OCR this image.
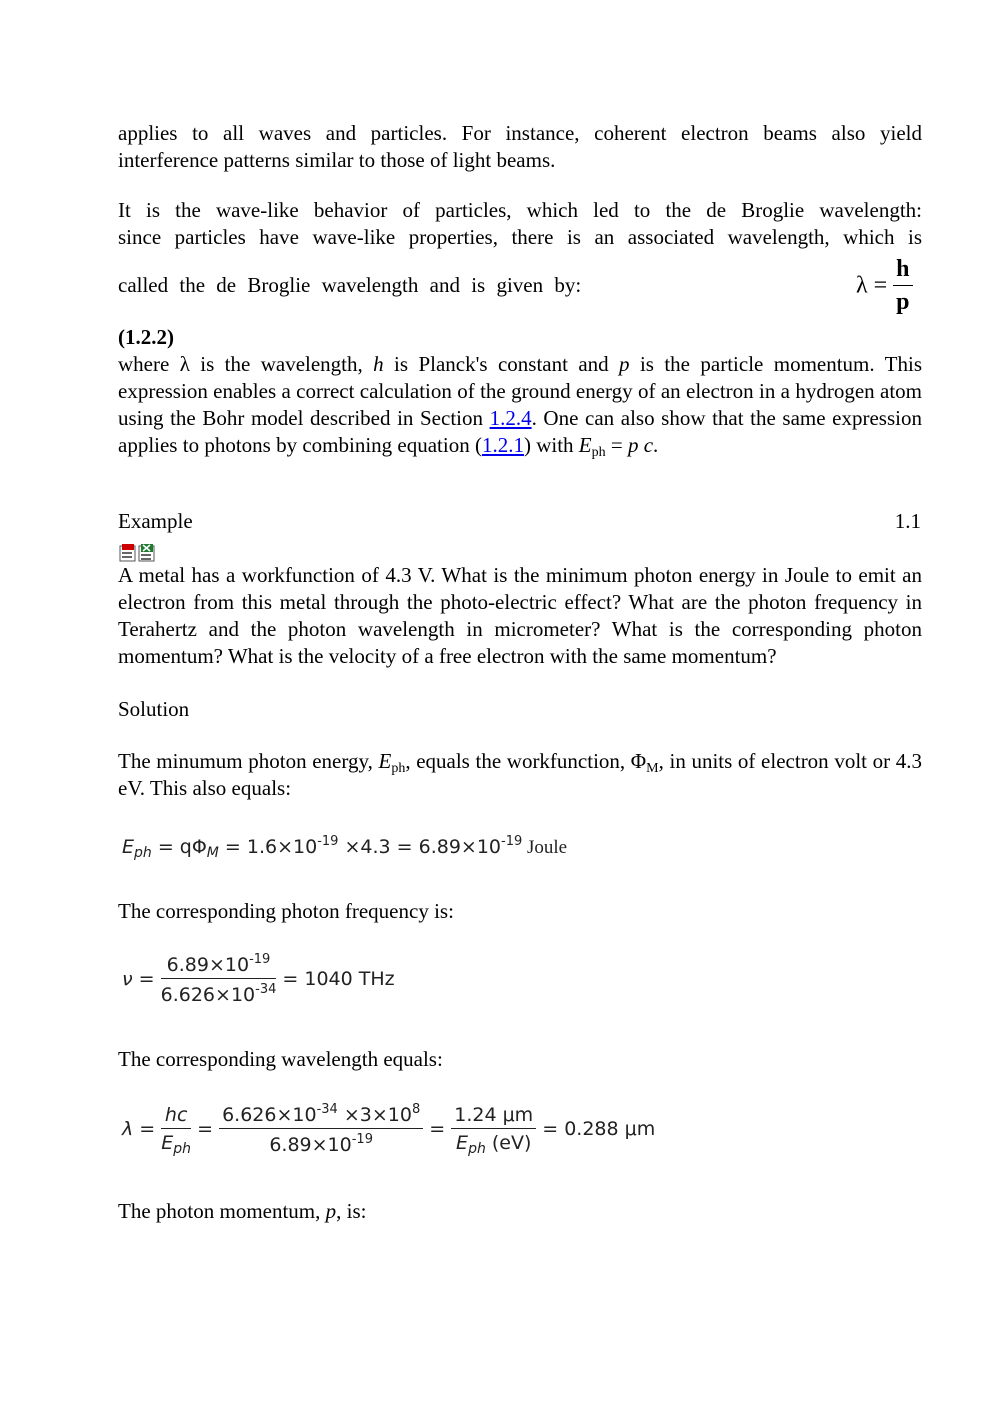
applies to all waves and particles. For instance, coherent electron beams also yield
interference patterns similar to those of light beams.
It is the wave-like behavior of particles, which led to the de Broglie wavelength:
since particles have wave-like properties, there is an associated wavelength, which is
called the de Broglie wavelength and is given by:	$\lambda = \frac{h}{p}$
(1.2.2)

where λ is the wavelength, h is Planck's constant and p is the particle momentum. This expression enables a correct calculation of the ground energy of an electron in a hydrogen atom using the Bohr model described in Section 1.2.4. One can also show that the same expression applies to photons by combining equation (1.2.1) with $E_{ph} = p$ c.

Example	1.1

A metal has a workfunction of 4.3 V. What is the minimum photon energy in Joule to emit an electron from this metal through the photo-electric effect? What are the photon frequency in Terahertz and the photon wavelength in micrometer? What is the corresponding photon momentum? What is the velocity of a free electron with the same momentum?

Solution

The minumum photon energy, $E_{ph}$, equals the workfunction, $\Phi_M$, in units of electron volt or 4.3 eV. This also equals:

$E_{ph} = q\Phi_M = 1.6\times 10^{-19} \times 4.3 = 6.89\times 10^{-19}$ Joule
The corresponding photon frequency is:
$\nu = \frac{6.89\times 10^{-19}}{6.626\times 10^{-34}} = 1040$ THz
The corresponding wavelength equals:
$\lambda = \frac{hc}{E_{ph}} = \frac{6.626\times 10^{-34} \times 3\times 10^8}{6.89\times 10^{-19}} = \frac{1.24 \mu m}{E_{ph} (eV)} = 0.288$ μm
The photon momentum, p, is:
